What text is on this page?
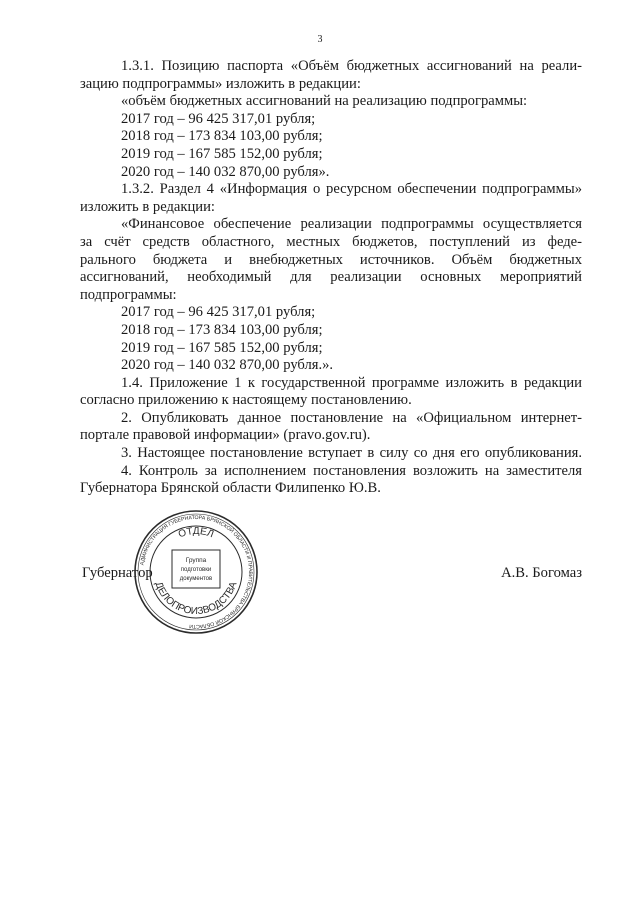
3

1.3.1. Позицию паспорта «Объём бюджетных ассигнований на реали-

зацию подпрограммы» изложить в редакции:

«объём бюджетных ассигнований на реализацию подпрограммы:

2017 год – 96 425 317,01 рубля;

2018 год – 173 834 103,00 рубля;

2019 год – 167 585 152,00 рубля;

2020 год – 140 032 870,00 рубля».

1.3.2. Раздел 4 «Информация о ресурсном обеспечении подпрограммы»

изложить в редакции:

«Финансовое обеспечение реализации подпрограммы осуществляется

за счёт средств областного, местных бюджетов, поступлений из феде-

рального бюджета и внебюджетных источников. Объём бюджетных

ассигнований, необходимый для реализации основных мероприятий

подпрограммы:

2017 год – 96 425 317,01 рубля;

2018 год – 173 834 103,00 рубля;

2019 год – 167 585 152,00 рубля;

2020 год – 140 032 870,00 рубля.».

1.4. Приложение 1 к государственной программе изложить в редакции

согласно приложению к настоящему постановлению.

2. Опубликовать данное постановление на «Официальном интернет-

портале правовой информации» (pravo.gov.ru).

3. Настоящее постановление вступает в силу со дня его опубликования.

4. Контроль за исполнением постановления возложить на заместителя

Губернатора Брянской области Филипенко Ю.В.

Губернатор	А.В. Богомаз
АДМИНИСТРАЦИЯ ГУБЕРНАТОРА БРЯНСКОЙ ОБЛАСТИ И ПРАВИТЕЛЬСТВА БРЯНСКОЙ ОБЛАСТИ
ОТДЕЛ
ДЕЛОПРОИЗВОДСТВА
Группа
подготовки
документов
